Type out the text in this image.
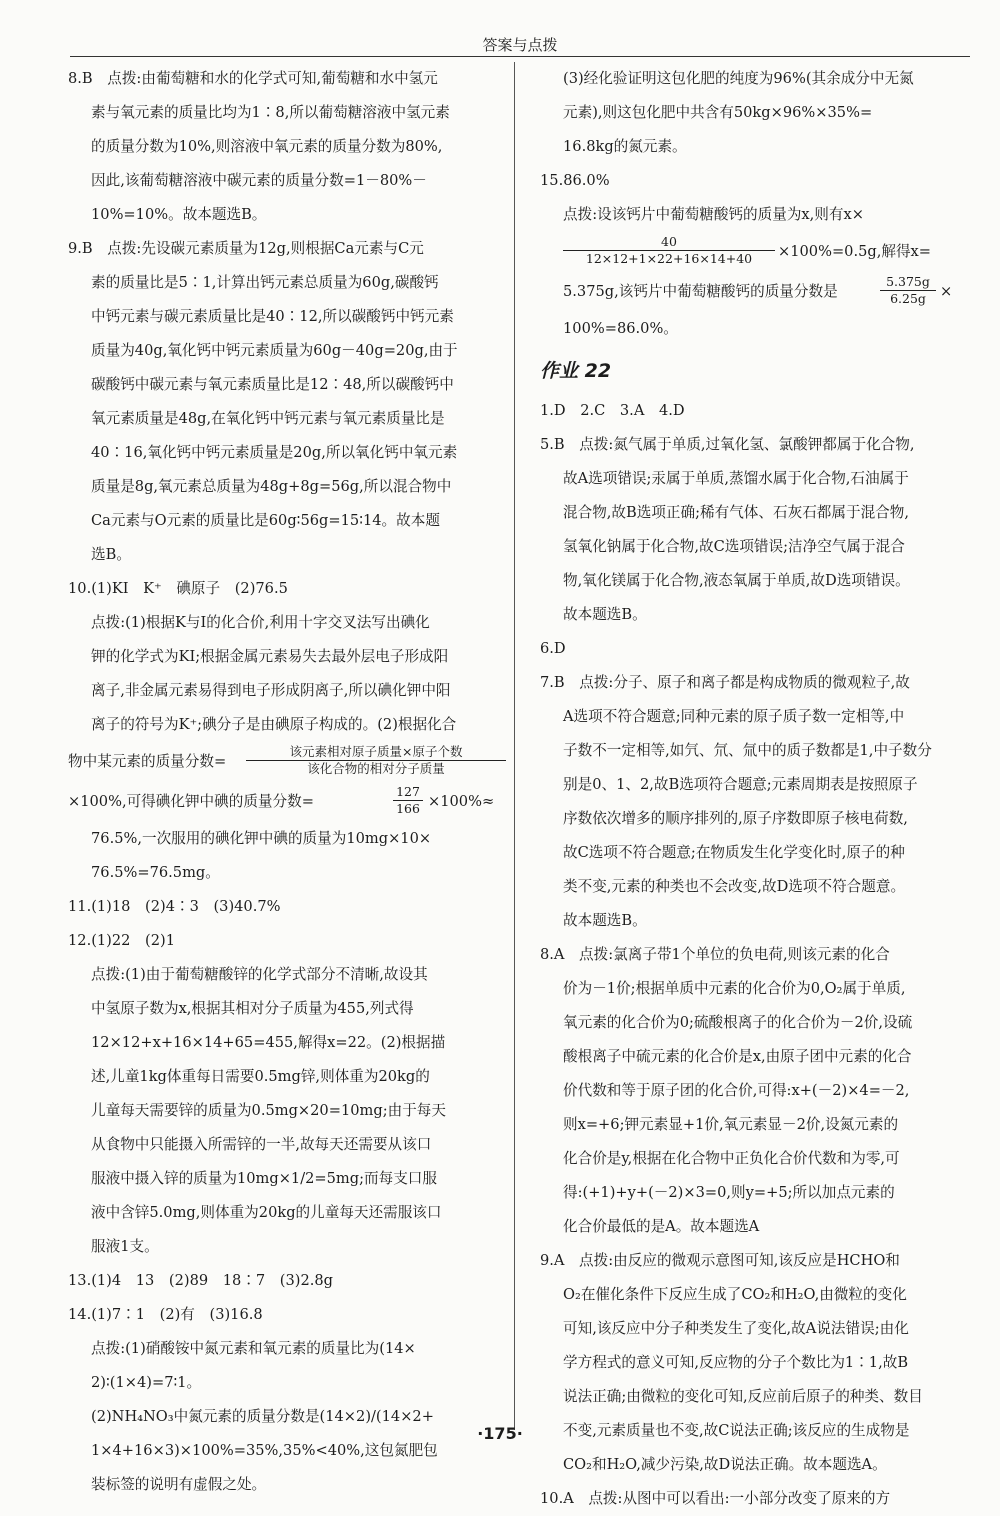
答案与点拨
8.B　点拨:由葡萄糖和水的化学式可知,葡萄糖和水中氢元
素与氧元素的质量比均为1∶8,所以葡萄糖溶液中氢元素
的质量分数为10%,则溶液中氧元素的质量分数为80%,
因此,该葡萄糖溶液中碳元素的质量分数=1－80%－
10%=10%。故本题选B。
9.B　点拨:先设碳元素质量为12g,则根据Ca元素与C元
素的质量比是5∶1,计算出钙元素总质量为60g,碳酸钙
中钙元素与碳元素质量比是40∶12,所以碳酸钙中钙元素
质量为40g,氧化钙中钙元素质量为60g－40g=20g,由于
碳酸钙中碳元素与氧元素质量比是12∶48,所以碳酸钙中
氧元素质量是48g,在氧化钙中钙元素与氧元素质量比是
40∶16,氧化钙中钙元素质量是20g,所以氧化钙中氧元素
质量是8g,氧元素总质量为48g+8g=56g,所以混合物中
Ca元素与O元素的质量比是60g∶56g=15∶14。故本题
选B。
10.(1)KI　K⁺　碘原子　(2)76.5
点拨:(1)根据K与I的化合价,利用十字交叉法写出碘化
钾的化学式为KI;根据金属元素易失去最外层电子形成阳
离子,非金属元素易得到电子形成阴离子,所以碘化钾中阳
离子的符号为K⁺;碘分子是由碘原子构成的。(2)根据化合
物中某元素的质量分数=
该元素相对原子质量×原子个数
该化合物的相对分子质量
×100%,可得碘化钾中碘的质量分数=	$\frac{127}{166} \times 100\%\approx$
76.5%,一次服用的碘化钾中碘的质量为10mg×10×
76.5%=76.5mg。
11.(1)18　(2)4∶3　(3)40.7%
12.(1)22　(2)1
点拨:(1)由于葡萄糖酸锌的化学式部分不清晰,故设其
中氢原子数为x,根据其相对分子质量为455,列式得
12×12+x+16×14+65=455,解得x=22。(2)根据描
述,儿童1kg体重每日需要0.5mg锌,则体重为20kg的
儿童每天需要锌的质量为0.5mg×20=10mg;由于每天
从食物中只能摄入所需锌的一半,故每天还需要从该口
服液中摄入锌的质量为10mg×1/2=5mg;而每支口服
液中含锌5.0mg,则体重为20kg的儿童每天还需服该口
服液1支。
13.(1)4　13　(2)89　18∶7　(3)2.8g
14.(1)7∶1　(2)有　(3)16.8
点拨:(1)硝酸铵中氮元素和氧元素的质量比为(14×
2)∶(1×4)=7∶1。
(2)NH₄NO₃中氮元素的质量分数是(14×2)/(14×2+
1×4+16×3)×100%=35%,35%<40%,这包氮肥包
装标签的说明有虚假之处。
(3)经化验证明这包化肥的纯度为96%(其余成分中无氮
元素),则这包化肥中共含有50kg×96%×35%=
16.8kg的氮元素。
15.86.0%
点拨:设该钙片中葡萄糖酸钙的质量为x,则有x×
$\frac{40}{12\times 12+1\times 22+16\times 14+40} \times 100\%=0.5g$,解得x=
5.375g,该钙片中葡萄糖酸钙的质量分数是	$\frac{5.375g}{6.25g}$ ×
100%=86.0%。
作业 22
1.D　2.C　3.A　4.D
5.B　点拨:氮气属于单质,过氧化氢、氯酸钾都属于化合物,
故A选项错误;汞属于单质,蒸馏水属于化合物,石油属于
混合物,故B选项正确;稀有气体、石灰石都属于混合物,
氢氧化钠属于化合物,故C选项错误;洁净空气属于混合
物,氧化镁属于化合物,液态氧属于单质,故D选项错误。
故本题选B。
6.D
7.B　点拨:分子、原子和离子都是构成物质的微观粒子,故
A选项不符合题意;同种元素的原子质子数一定相等,中
子数不一定相等,如氕、氘、氚中的质子数都是1,中子数分
别是0、1、2,故B选项符合题意;元素周期表是按照原子
序数依次增多的顺序排列的,原子序数即原子核电荷数,
故C选项不符合题意;在物质发生化学变化时,原子的种
类不变,元素的种类也不会改变,故D选项不符合题意。
故本题选B。
8.A　点拨:氯离子带1个单位的负电荷,则该元素的化合
价为－1价;根据单质中元素的化合价为0,O₂属于单质,
氧元素的化合价为0;硫酸根离子的化合价为－2价,设硫
酸根离子中硫元素的化合价是x,由原子团中元素的化合
价代数和等于原子团的化合价,可得:x+(－2)×4=－2,
则x=+6;钾元素显+1价,氧元素显－2价,设氮元素的
化合价是y,根据在化合物中正负化合价代数和为零,可
得:(+1)+y+(－2)×3=0,则y=+5;所以加点元素的
化合价最低的是A。故本题选A
9.A　点拨:由反应的微观示意图可知,该反应是HCHO和
O₂在催化条件下反应生成了CO₂和H₂O,由微粒的变化
可知,该反应中分子种类发生了变化,故A说法错误;由化
学方程式的意义可知,反应物的分子个数比为1∶1,故B
说法正确;由微粒的变化可知,反应前后原子的种类、数目
不变,元素质量也不变,故C说法正确;该反应的生成物是
CO₂和H₂O,减少污染,故D说法正确。故本题选A。
10.A　点拨:从图中可以看出:一小部分改变了原来的方
·175·
